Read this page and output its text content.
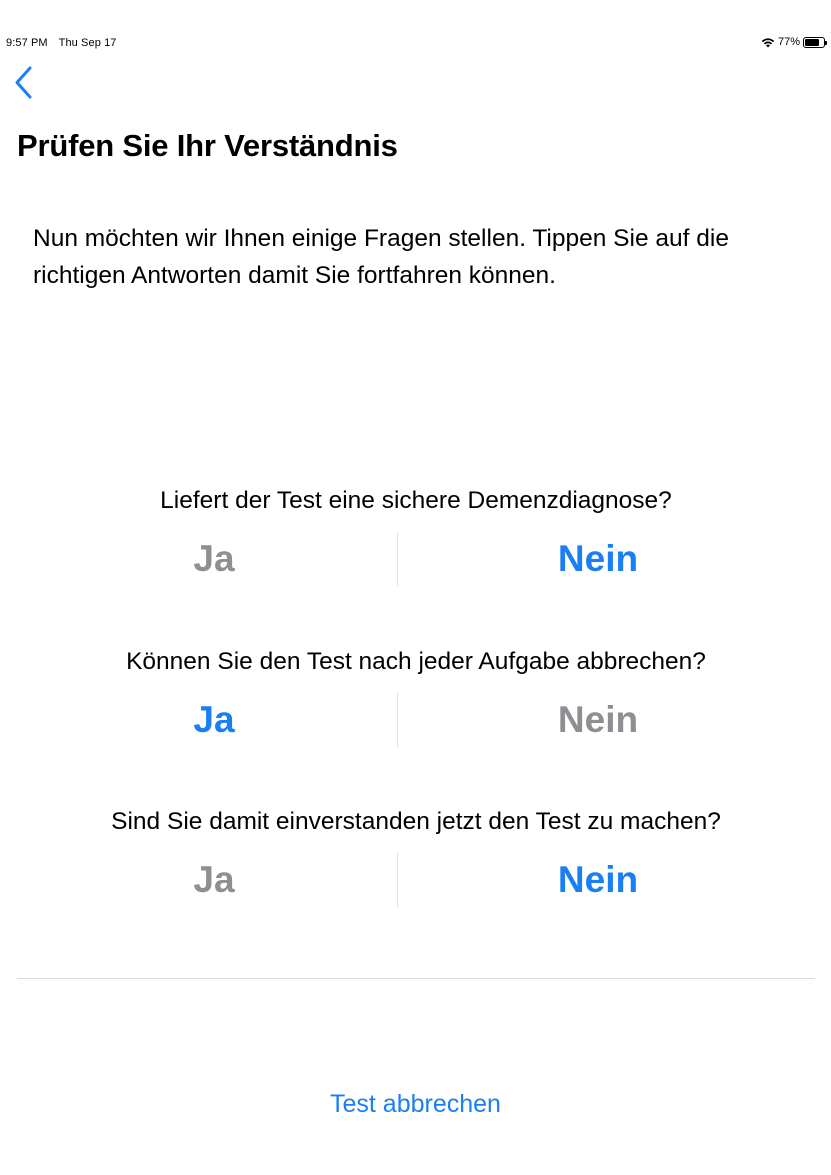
9:57 PM Thu Sep 17	77%
Prüfen Sie Ihr Verständnis

Nun möchten wir Ihnen einige Fragen stellen. Tippen Sie auf die richtigen Antworten damit Sie fortfahren können.

Liefert der Test eine sichere Demenzdiagnose?

Ja	Nein

Können Sie den Test nach jeder Aufgabe abbrechen?

Ja	Nein

Sind Sie damit einverstanden jetzt den Test zu machen?

Ja	Nein
Test abbrechen
